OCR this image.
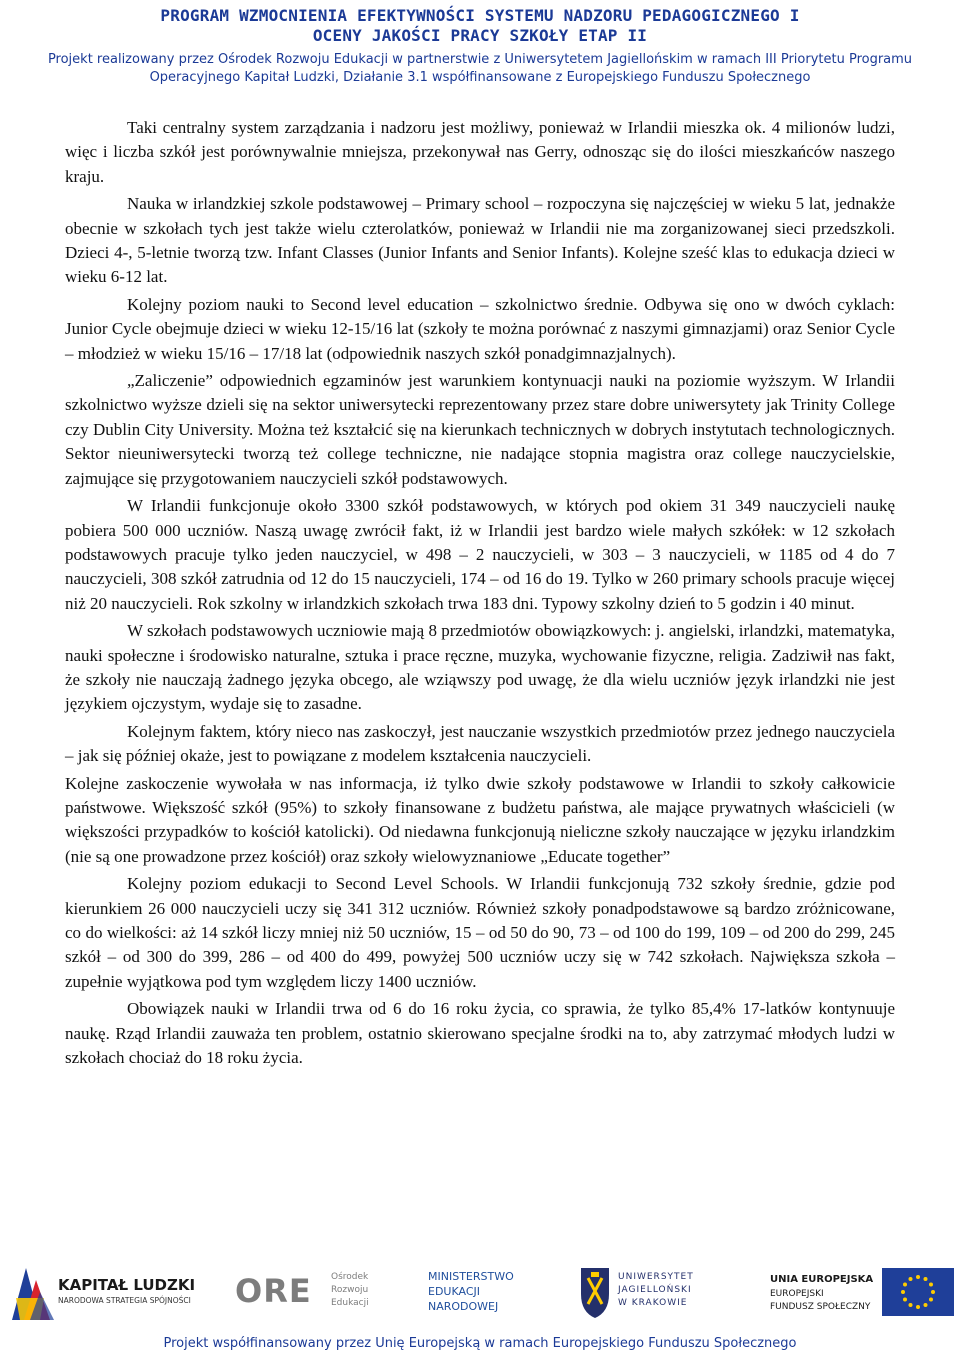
PROGRAM WZMOCNIENIA EFEKTYWNOŚCI SYSTEMU NADZORU PEDAGOGICZNEGO I
OCENY JAKOŚCI PRACY SZKOŁY ETAP II
Projekt realizowany przez Ośrodek Rozwoju Edukacji w partnerstwie z Uniwersytetem Jagiellońskim w ramach III Priorytetu Programu Operacyjnego Kapitał Ludzki, Działanie 3.1 współfinansowane z Europejskiego Funduszu Społecznego

Taki centralny system zarządzania i nadzoru jest możliwy, ponieważ w Irlandii mieszka ok. 4 milionów ludzi, więc i liczba szkół jest porównywalnie mniejsza, przekonywał nas Gerry, odnosząc się do ilości mieszkańców naszego kraju.

Nauka w irlandzkiej szkole podstawowej – Primary school – rozpoczyna się najczęściej w wieku 5 lat, jednakże obecnie w szkołach tych jest także wielu czterolatków, ponieważ w Irlandii nie ma zorganizowanej sieci przedszkoli. Dzieci 4-, 5-letnie tworzą tzw. Infant Classes (Junior Infants and Senior Infants). Kolejne sześć klas to edukacja dzieci w wieku 6-12 lat.

Kolejny poziom nauki to Second level education – szkolnictwo średnie. Odbywa się ono w dwóch cyklach: Junior Cycle obejmuje dzieci w wieku 12-15/16 lat (szkoły te można porównać z naszymi gimnazjami) oraz Senior Cycle – młodzież w wieku 15/16 – 17/18 lat (odpowiednik naszych szkół ponadgimnazjalnych).

„Zaliczenie” odpowiednich egzaminów jest warunkiem kontynuacji nauki na poziomie wyższym. W Irlandii szkolnictwo wyższe dzieli się na sektor uniwersytecki reprezentowany przez stare dobre uniwersytety jak Trinity College czy Dublin City University. Można też kształcić się na kierunkach technicznych w dobrych instytutach technologicznych. Sektor nieuniwersytecki tworzą też college techniczne, nie nadające stopnia magistra oraz college nauczycielskie, zajmujące się przygotowaniem nauczycieli szkół podstawowych.

W Irlandii funkcjonuje około 3300 szkół podstawowych, w których pod okiem 31 349 nauczycieli naukę pobiera 500 000 uczniów. Naszą uwagę zwrócił fakt, iż w Irlandii jest bardzo wiele małych szkółek: w 12 szkołach podstawowych pracuje tylko jeden nauczyciel, w 498 – 2 nauczycieli, w 303 – 3 nauczycieli, w 1185 od 4 do 7 nauczycieli, 308 szkół zatrudnia od 12 do 15 nauczycieli, 174 – od 16 do 19. Tylko w 260 primary schools pracuje więcej niż 20 nauczycieli. Rok szkolny w irlandzkich szkołach trwa 183 dni. Typowy szkolny dzień to 5 godzin i 40 minut.

W szkołach podstawowych uczniowie mają 8 przedmiotów obowiązkowych: j. angielski, irlandzki, matematyka, nauki społeczne i środowisko naturalne, sztuka i prace ręczne, muzyka, wychowanie fizyczne, religia. Zadziwił nas fakt, że szkoły nie nauczają żadnego języka obcego, ale wziąwszy pod uwagę, że dla wielu uczniów język irlandzki nie jest językiem ojczystym, wydaje się to zasadne.

Kolejnym faktem, który nieco nas zaskoczył, jest nauczanie wszystkich przedmiotów przez jednego nauczyciela – jak się później okaże, jest to powiązane z modelem kształcenia nauczycieli.

Kolejne zaskoczenie wywołała w nas informacja, iż tylko dwie szkoły podstawowe w Irlandii to szkoły całkowicie państwowe. Większość szkół (95%) to szkoły finansowane z budżetu państwa, ale mające prywatnych właścicieli (w większości przypadków to kościół katolicki). Od niedawna funkcjonują nieliczne szkoły nauczające w języku irlandzkim (nie są one prowadzone przez kościół) oraz szkoły wielowyznaniowe „Educate together”

Kolejny poziom edukacji to Second Level Schools. W Irlandii funkcjonują 732 szkoły średnie, gdzie pod kierunkiem 26 000 nauczycieli uczy się 341 312 uczniów. Również szkoły ponadpodstawowe są bardzo zróżnicowane, co do wielkości: aż 14 szkół liczy mniej niż 50 uczniów, 15 – od 50 do 90, 73 – od 100 do 199, 109 – od 200 do 299, 245 szkół – od 300 do 399, 286 – od 400 do 499, powyżej 500 uczniów uczy się w 742 szkołach. Największa szkoła – zupełnie wyjątkowa pod tym względem liczy 1400 uczniów.

Obowiązek nauki w Irlandii trwa od 6 do 16 roku życia, co sprawia, że tylko 85,4% 17-latków kontynuuje naukę. Rząd Irlandii zauważa ten problem, ostatnio skierowano specjalne środki na to, aby zatrzymać młodych ludzi w szkołach chociaż do 18 roku życia.

KAPITAŁ LUDZKI
NARODOWA STRATEGIA SPÓJNOŚCI ORE Ośrodek
Rozwoju
Edukacji
MINISTERSTWO
EDUKACJI
NARODOWEJ
UNIWERSYTET
JAGIELLOŃSKI
W KRAKOWIE
UNIA EUROPEJSKA
EUROPEJSKI
FUNDUSZ SPOŁECZNY
Projekt współfinansowany przez Unię Europejską w ramach Europejskiego Funduszu Społecznego
